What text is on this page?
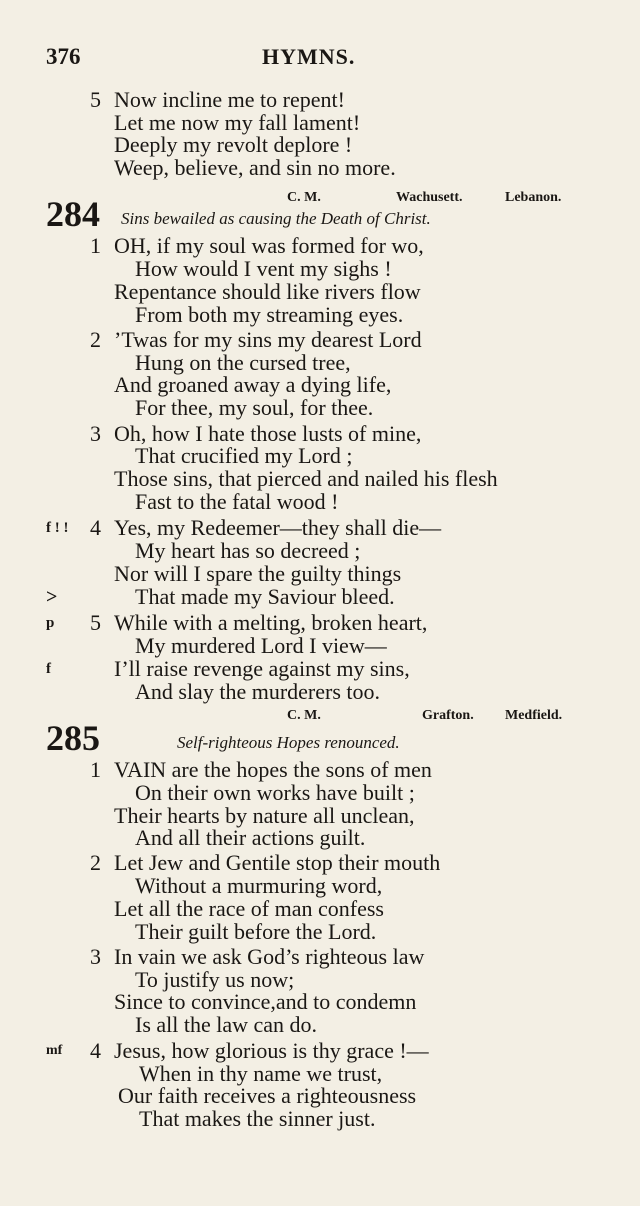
376	HYMNS.
5 Now incline me to repent!
Let me now my fall lament!
Deeply my revolt deplore !
Weep, believe, and sin no more.
C. M.	Wachusett.	Lebanon.
284 Sins bewailed as causing the Death of Christ.
1 OH, if my soul was formed for wo,
How would I vent my sighs !
Repentance should like rivers flow
From both my streaming eyes.
2 ’Twas for my sins my dearest Lord
Hung on the cursed tree,
And groaned away a dying life,
For thee, my soul, for thee.
3 Oh, how I hate those lusts of mine,
That crucified my Lord ;
Those sins, that pierced and nailed his flesh
Fast to the fatal wood !
f ! ! 4 Yes, my Redeemer—they shall die—
My heart has so decreed ;
Nor will I spare the guilty things
>	That made my Saviour bleed.
p 5 While with a melting, broken heart,
My murdered Lord I view—
f	I’ll raise revenge against my sins,
And slay the murderers too.
C. M.	Grafton. Medfield.
285	Self-righteous Hopes renounced.
1 VAIN are the hopes the sons of men
On their own works have built ;
Their hearts by nature all unclean,
And all their actions guilt.
2 Let Jew and Gentile stop their mouth
Without a murmuring word,
Let all the race of man confess
Their guilt before the Lord.
3 In vain we ask God’s righteous law
To justify us now;
Since to convince,and to condemn
Is all the law can do.
mf 4 Jesus, how glorious is thy grace !—
When in thy name we trust,
Our faith receives a righteousness
That makes the sinner just.
